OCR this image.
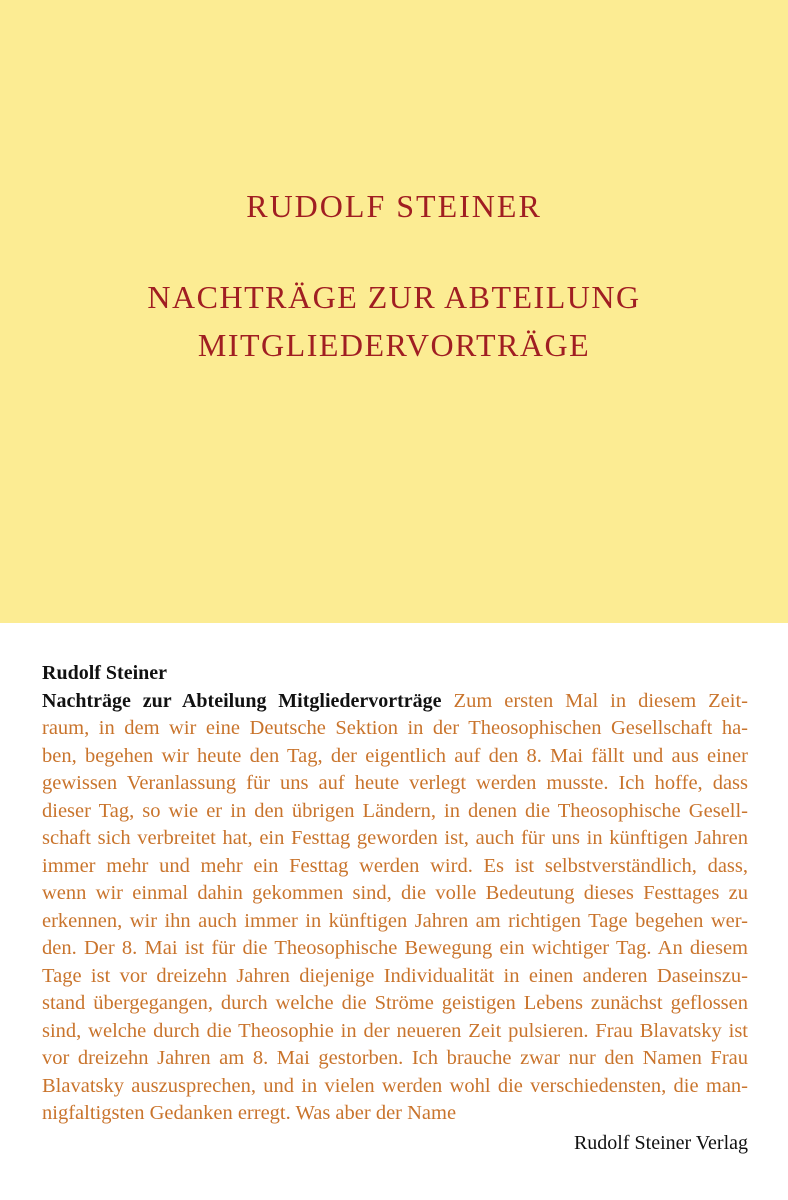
RUDOLF STEINER
NACHTRÄGE ZUR ABTEILUNG
MITGLIEDERVORTRÄGE
Rudolf Steiner
Nachträge zur Abteilung Mitgliedervorträge Zum ersten Mal in diesem Zeit-
raum, in dem wir eine Deutsche Sektion in der Theosophischen Gesellschaft ha-
ben, begehen wir heute den Tag, der eigentlich auf den 8. Mai fällt und aus einer
gewissen Veranlassung für uns auf heute verlegt werden musste. Ich hoffe, dass
dieser Tag, so wie er in den übrigen Ländern, in denen die Theosophische Gesell-
schaft sich verbreitet hat, ein Festtag geworden ist, auch für uns in künftigen Jahren
immer mehr und mehr ein Festtag werden wird. Es ist selbstverständlich, dass,
wenn wir einmal dahin gekommen sind, die volle Bedeutung dieses Festtages zu
erkennen, wir ihn auch immer in künftigen Jahren am richtigen Tage begehen wer-
den. Der 8. Mai ist für die Theosophische Bewegung ein wichtiger Tag. An diesem
Tage ist vor dreizehn Jahren diejenige Individualität in einen anderen Daseinszu-
stand übergegangen, durch welche die Ströme geistigen Lebens zunächst geflossen
sind, welche durch die Theosophie in der neueren Zeit pulsieren. Frau Blavatsky ist
vor dreizehn Jahren am 8. Mai gestorben. Ich brauche zwar nur den Namen Frau
Blavatsky auszusprechen, und in vielen werden wohl die verschiedensten, die man-
nigfaltigsten Gedanken erregt. Was aber der Name
Rudolf Steiner Verlag
